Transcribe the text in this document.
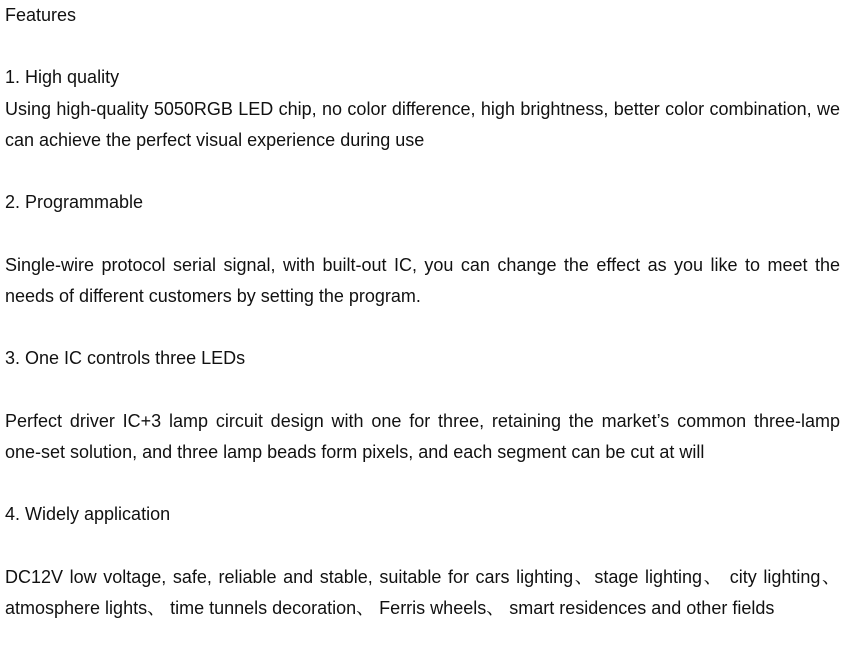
Features
1. High quality

Using high-quality 5050RGB LED chip, no color difference, high brightness, better color combination, we can achieve the perfect visual experience during use

2. Programmable

Single-wire protocol serial signal, with built-out IC, you can change the effect as you like to meet the needs of different customers by setting the program.

3. One IC controls three LEDs

Perfect driver IC+3 lamp circuit design with one for three, retaining the market’s common three-lamp one-set solution, and three lamp beads form pixels, and each segment can be cut at will

4. Widely application

DC12V low voltage, safe, reliable and stable, suitable for cars lighting、stage lighting、 city lighting、 atmosphere lights、 time tunnels decoration、 Ferris wheels、 smart residences and other fields
